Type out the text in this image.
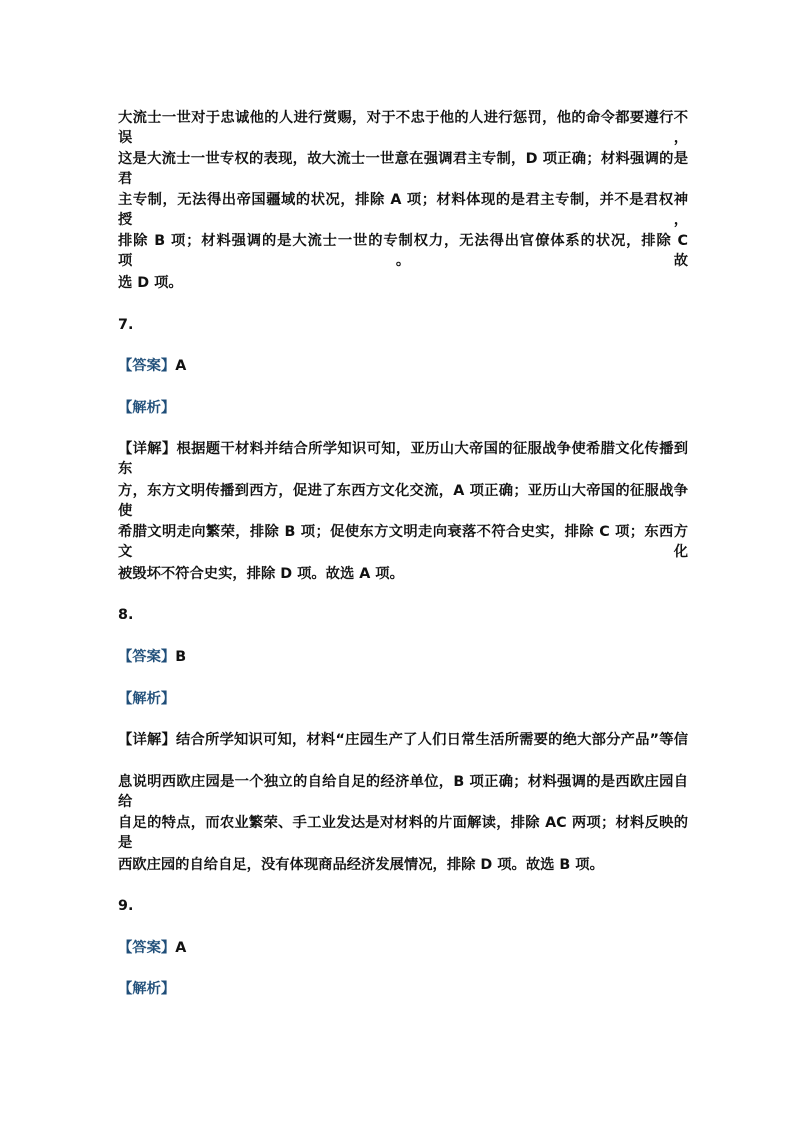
大流士一世对于忠诚他的人进行赏赐，对于不忠于他的人进行惩罚，他的命令都要遵行不误，
这是大流士一世专权的表现，故大流士一世意在强调君主专制，D 项正确；材料强调的是君
主专制，无法得出帝国疆域的状况，排除 A 项；材料体现的是君主专制，并不是君权神授，
排除 B 项；材料强调的是大流士一世的专制权力，无法得出官僚体系的状况，排除 C 项。故
选 D 项。
7.
【答案】A
【解析】
【详解】根据题干材料并结合所学知识可知，亚历山大帝国的征服战争使希腊文化传播到东
方，东方文明传播到西方，促进了东西方文化交流，A 项正确；亚历山大帝国的征服战争使
希腊文明走向繁荣，排除 B 项；促使东方文明走向衰落不符合史实，排除 C 项；东西方文化
被毁坏不符合史实，排除 D 项。故选 A 项。
8.
【答案】B
【解析】
【详解】结合所学知识可知，材料“庄园生产了人们日常生活所需要的绝大部分产品”等信
息说明西欧庄园是一个独立的自给自足的经济单位，B 项正确；材料强调的是西欧庄园自给
自足的特点，而农业繁荣、手工业发达是对材料的片面解读，排除 AC 两项；材料反映的是
西欧庄园的自给自足，没有体现商品经济发展情况，排除 D 项。故选 B 项。
9.
【答案】A
【解析】
